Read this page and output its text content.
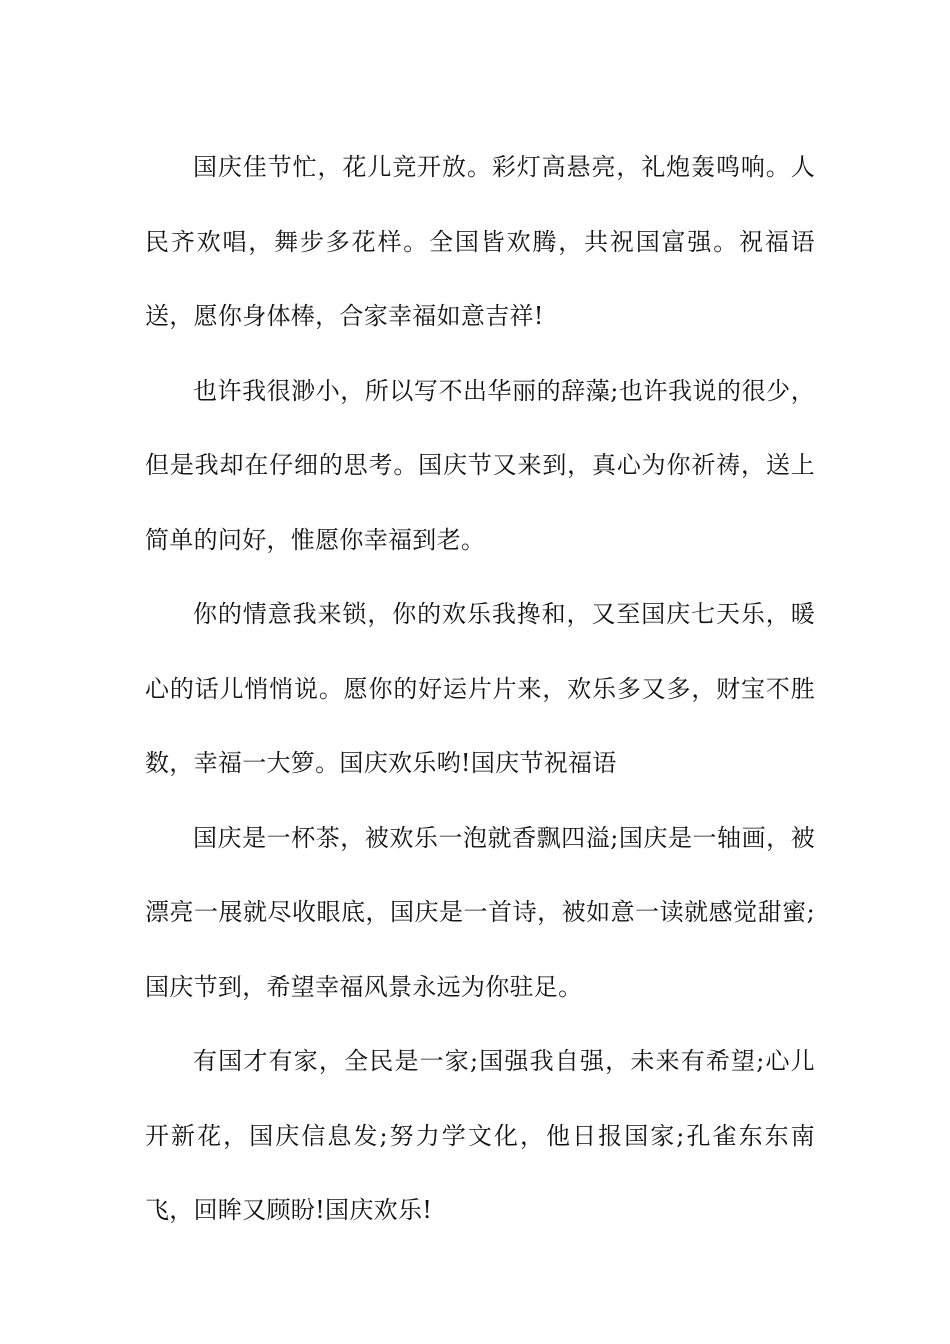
国庆佳节忙，花儿竞开放。彩灯高悬亮，礼炮轰鸣响。人民齐欢唱，舞步多花样。全国皆欢腾，共祝国富强。祝福语送，愿你身体棒，合家幸福如意吉祥!

也许我很渺小，所以写不出华丽的辞藻;也许我说的很少，但是我却在仔细的思考。国庆节又来到，真心为你祈祷，送上简单的问好，惟愿你幸福到老。

你的情意我来锁，你的欢乐我搀和，又至国庆七天乐，暖心的话儿悄悄说。愿你的好运片片来，欢乐多又多，财宝不胜数，幸福一大箩。国庆欢乐哟!国庆节祝福语

国庆是一杯茶，被欢乐一泡就香飘四溢;国庆是一轴画，被漂亮一展就尽收眼底，国庆是一首诗，被如意一读就感觉甜蜜;国庆节到，希望幸福风景永远为你驻足。

有国才有家，全民是一家;国强我自强，未来有希望;心儿开新花，国庆信息发;努力学文化，他日报国家;孔雀东东南飞，回眸又顾盼!国庆欢乐!
